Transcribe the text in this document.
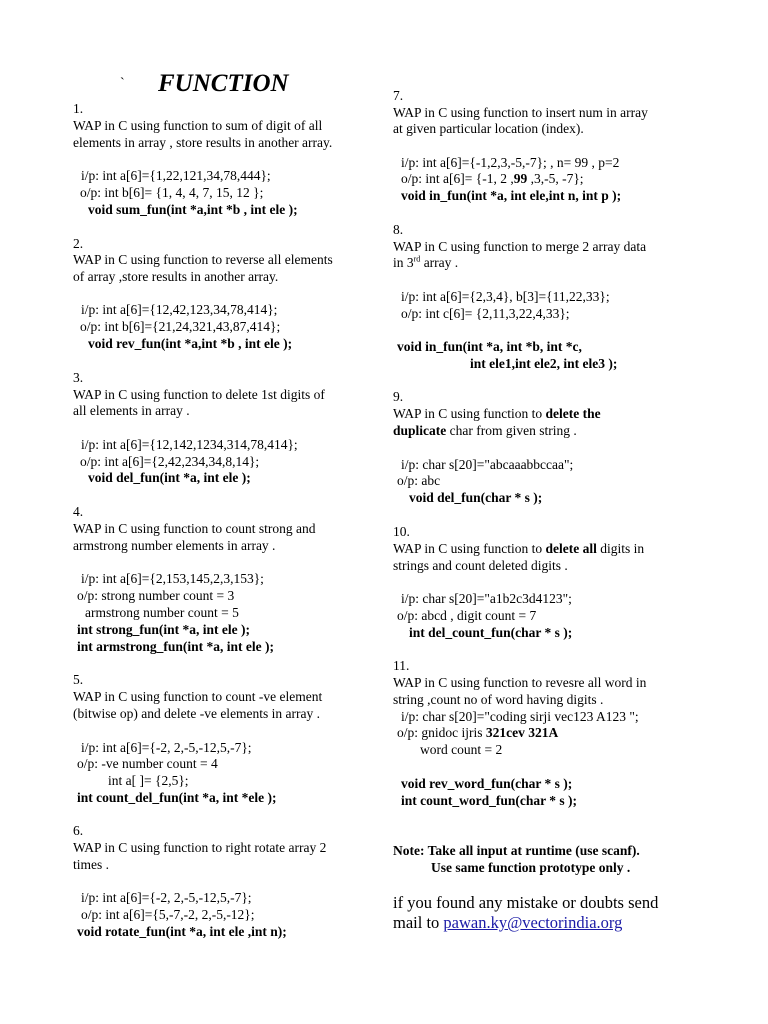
` FUNCTION
1.
WAP in C using function to sum of digit of all
elements in array , store results in another array.
i/p: int a[6]={1,22,121,34,78,444};
o/p: int b[6]= {1, 4, 4, 7, 15, 12 };
void sum_fun(int *a,int *b , int ele );
2.
WAP in C using function to reverse all elements
of array ,store results in another array.
i/p: int a[6]={12,42,123,34,78,414};
o/p: int b[6]={21,24,321,43,87,414};
void rev_fun(int *a,int *b , int ele );
3.
WAP in C using function to delete 1st digits of
all elements in array .
i/p: int a[6]={12,142,1234,314,78,414};
o/p: int a[6]={2,42,234,34,8,14};
void del_fun(int *a, int ele );
4.
WAP in C using function to count strong and
armstrong number elements in array .
i/p: int a[6]={2,153,145,2,3,153};
o/p: strong number count = 3
armstrong number count = 5
int strong_fun(int *a, int ele );
int armstrong_fun(int *a, int ele );
5.
WAP in C using function to count -ve element
(bitwise op) and delete -ve elements in array .
i/p: int a[6]={-2, 2,-5,-12,5,-7};
o/p: -ve number count = 4
int a[ ]= {2,5};
int count_del_fun(int *a, int *ele );
6.
WAP in C using function to right rotate array 2
times .
i/p: int a[6]={-2, 2,-5,-12,5,-7};
o/p: int a[6]={5,-7,-2, 2,-5,-12};
void rotate_fun(int *a, int ele ,int n);
7.
WAP in C using function to insert num in array
at given particular location (index).
i/p: int a[6]={-1,2,3,-5,-7}; , n= 99 , p=2
o/p: int a[6]= {-1, 2 ,99 ,3,-5, -7};
void in_fun(int *a, int ele,int n, int p );
8.
WAP in C using function to merge 2 array data
in 3rd array .
i/p: int a[6]={2,3,4}, b[3]={11,22,33};
o/p: int c[6]= {2,11,3,22,4,33};
void in_fun(int *a, int *b, int *c,
int ele1,int ele2, int ele3 );
9.
WAP in C using function to delete the
duplicate char from given string .
i/p: char s[20]="abcaaabbccaa";
o/p: abc
void del_fun(char * s );
10.
WAP in C using function to delete all digits in
strings and count deleted digits .
i/p: char s[20]="a1b2c3d4123";
o/p: abcd , digit count = 7
int del_count_fun(char * s );
11.
WAP in C using function to revesre all word in
string ,count no of word having digits .
i/p: char s[20]="coding sirji vec123 A123 ";
o/p: gnidoc ijris 321cev 321A
word count = 2
void rev_word_fun(char * s );
int count_word_fun(char * s );
Note: Take all input at runtime (use scanf).
Use same function prototype only .
if you found any mistake or doubts send
mail to pawan.ky@vectorindia.org
